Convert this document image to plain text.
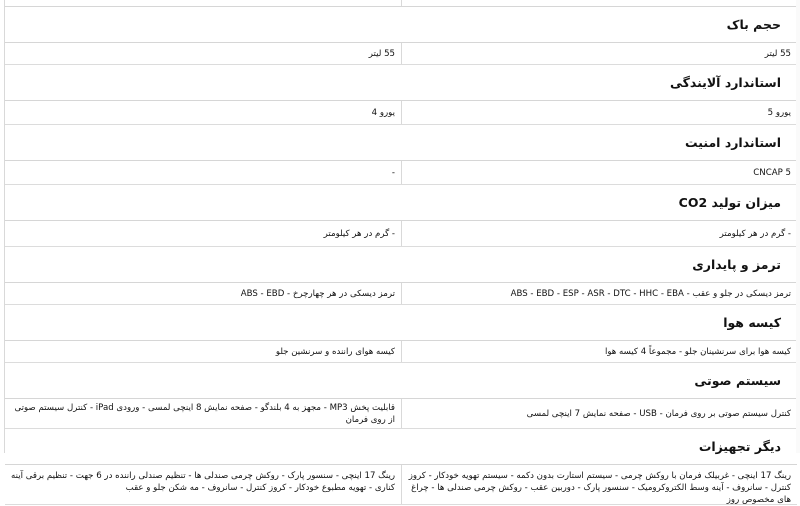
حجم باک
55 لیتر
55 لیتر
استاندارد آلایندگی
یورو 5
یورو 4
استاندارد امنیت
CNCAP 5
-
میزان تولید CO2
- گرم در هر کیلومتر
- گرم در هر کیلومتر
ترمز و پایداری
ترمز دیسکی در جلو و عقب - ABS - EBD - ESP - ASR - DTC - HHC - EBA
ترمز دیسکی در هر چهارچرخ - ABS - EBD
کیسه هوا
کیسه هوا برای سرنشینان جلو - مجموعاً 4 کیسه هوا
کیسه هوای راننده و سرنشین جلو
سیستم صوتی
کنترل سیستم صوتی بر روی فرمان - USB - صفحه نمایش 7 اینچی لمسی
قابلیت پخش MP3 - مجهز به 4 بلندگو - صفحه نمایش 8 اینچی لمسی - ورودی iPad - کنترل سیستم صوتی از روی فرمان
دیگر تجهیزات
رینگ 17 اینچی - غربیلک فرمان با روکش چرمی - سیستم استارت بدون دکمه - سیستم تهویه خودکار - کروز کنترل - سانروف - آینه وسط الکتروکرومیک - سنسور پارک - دوربین عقب - روکش چرمی صندلی ها - چراغ های مخصوص روز
رینگ 17 اینچی - سنسور پارک - روکش چرمی صندلی ها - تنظیم صندلی راننده در 6 جهت - تنظیم برقی آینه کناری - تهویه مطبوع خودکار - کروز کنترل - سانروف - مه شکن جلو و عقب
